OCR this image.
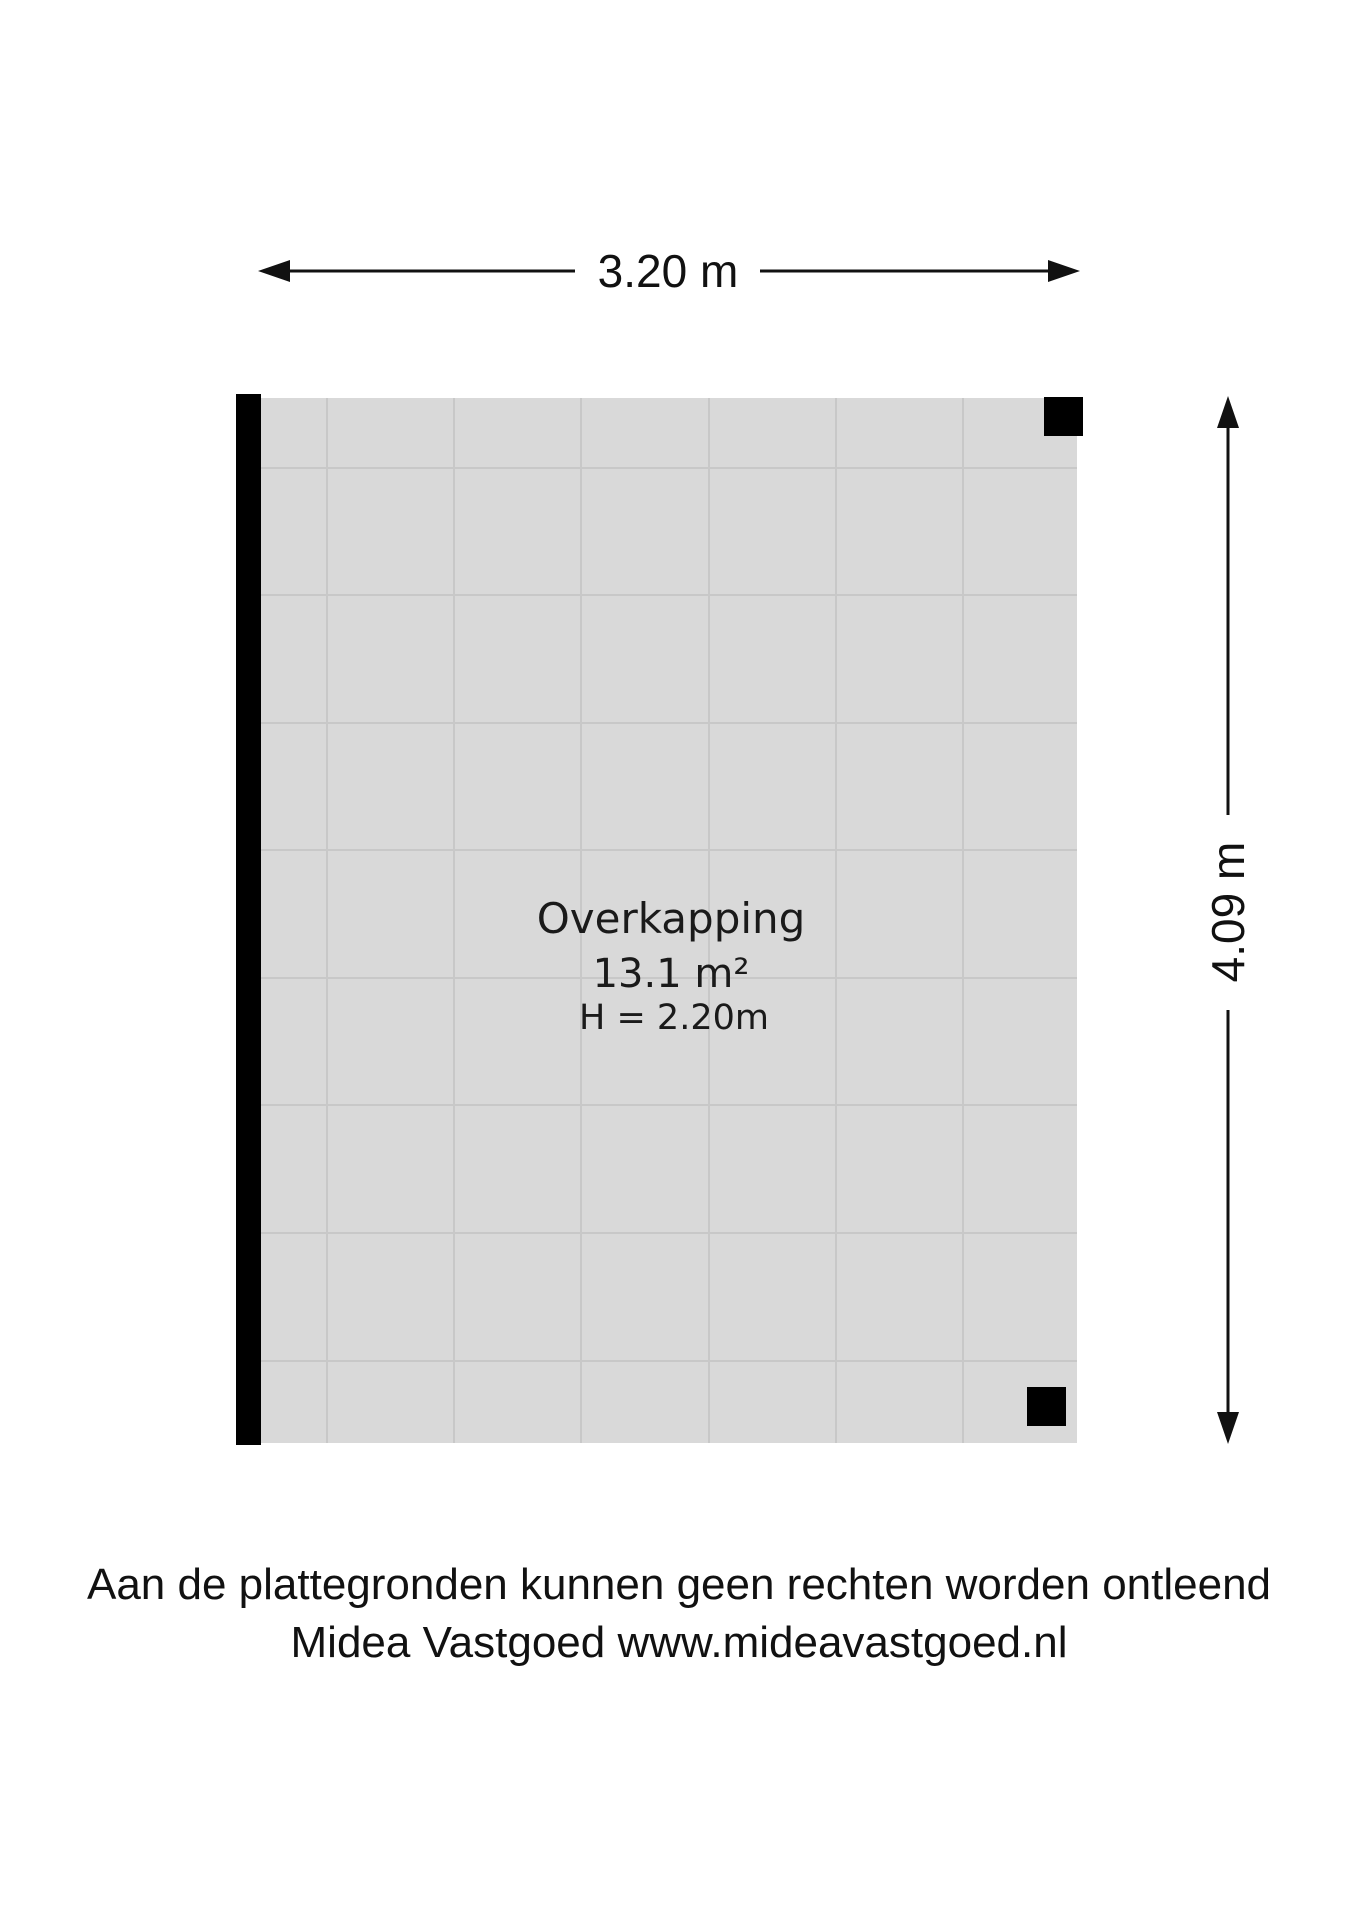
3.20 m
4.09 m
Overkapping
13.1 m²
H = 2.20m
Aan de plattegronden kunnen geen rechten worden ontleend
Midea Vastgoed www.mideavastgoed.nl
